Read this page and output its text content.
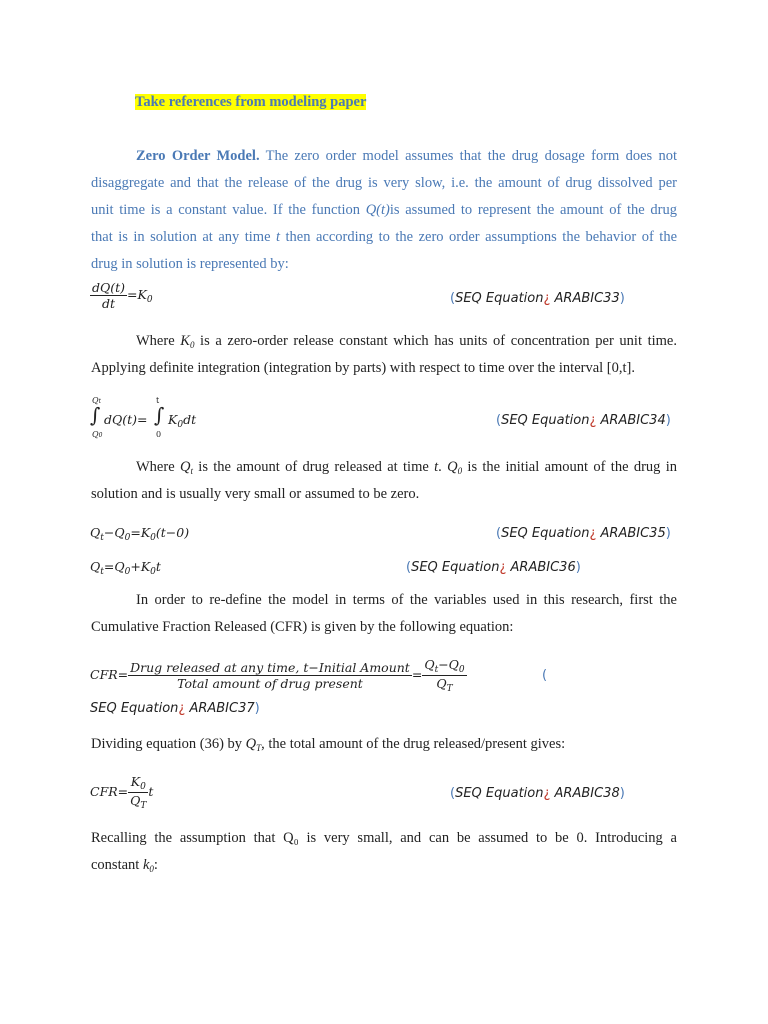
Take references from modeling paper
Zero Order Model. The zero order model assumes that the drug dosage form does not
disaggregate and that the release of the drug is very slow, i.e. the amount of drug dissolved per
unit time is a constant value. If the function Q(t)is assumed to represent the amount of the drug
that is in solution at any time t then according to the zero order assumptions the behavior of the
drug in solution is represented by:
$\frac{dQ(t)}{dt} =K_0$	(SEQ Equation¿ ARABIC33)
Where $K_0$ is a zero-order release constant which has units of concentration per unit time.
Applying definite integration (integration by parts) with respect to time over the interval [0,t].
Qt
∫
Q0
dQ(t)=
t
∫
0
$K_0dt$	(SEQ Equation¿ ARABIC34)
Where $Q_t$ is the amount of drug released at time t. $Q_0$ is the initial amount of the drug in
solution and is usually very small or assumed to be zero.
$Q_t-Q_0=K_0(t-0)$	(SEQ Equation¿ ARABIC35)
$Q_t=Q_0+K_0t$	(SEQ Equation¿ ARABIC36)
In order to re-define the model in terms of the variables used in this research, first the
Cumulative Fraction Released (CFR) is given by the following equation:
$CFR= \frac{\text{Drug released at any time, t−Initial Amount}}{\text{Total amount of drug present}} = \frac{Q_t-Q_0}{Q_T}$	(
SEQ Equation¿ ARABIC37)
Dividing equation (36) by $Q_T$, the total amount of the drug released/present gives:
$CFR= \frac{K_0}{Q_T}$ t	(SEQ Equation¿ ARABIC38)
Recalling the assumption that Q₀ is very small, and can be assumed to be 0. Introducing a
constant $k_0$:
